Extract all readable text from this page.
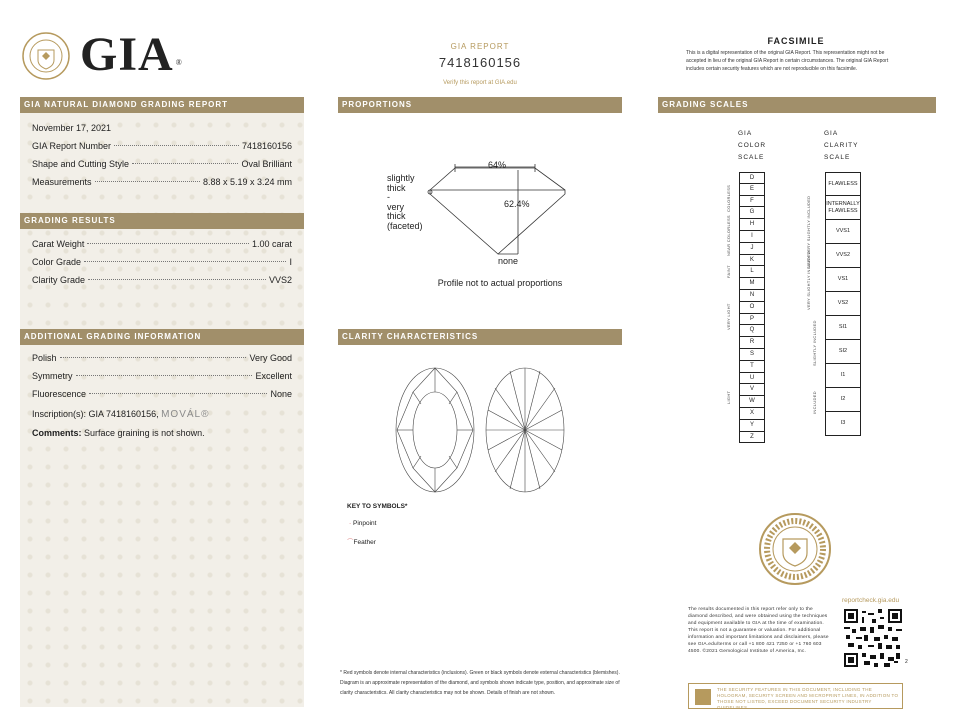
GIA ®
GIA REPORT
7418160156
Verify this report at GIA.edu
FACSIMILE
This is a digital representation of the original GIA Report. This representation might not be accepted in lieu of the original GIA Report in certain circumstances. The original GIA Report includes certain security features which are not reproducible on this facsimile.
GIA NATURAL DIAMOND GRADING REPORT
November 17, 2021
GIA Report Number	7418160156
Shape and Cutting Style	Oval Brilliant
Measurements	8.88 x 5.19 x 3.24 mm
GRADING RESULTS
Carat Weight	1.00 carat
Color Grade	I
Clarity Grade	VVS2
ADDITIONAL GRADING INFORMATION
Polish	Very Good
Symmetry	Excellent
Fluorescence	None
Inscription(s): GIA 7418160156, MOVÁL®
Comments: Surface graining is not shown.
PROPORTIONS
64%
62.4%
none
slightly
thick
-
very
thick
(faceted)
Profile not to actual proportions
CLARITY CHARACTERISTICS
KEY TO SYMBOLS*
· Pinpoint
⌒Feather
* Red symbols denote internal characteristics (inclusions). Green or black symbols denote external characteristics (blemishes). Diagram is an approximate representation of the diamond, and symbols shown indicate type, position, and approximate size of clarity characteristics. All clarity characteristics may not be shown. Details of finish are not shown.
GRADING SCALES
GIA
COLOR
SCALE
GIA
CLARITY
SCALE
D
E
F
G
H
I
J
K
L
M
N
O
P
Q
R
S
T
U
V
W
X
Y
Z
COLORLESS
NEAR COLORLESS
FAINT
VERY LIGHT
LIGHT
FLAWLESS
INTERNALLY FLAWLESS
VVS1
VVS2
VS1
VS2
SI1
SI2
I1
I2
I3
VERY VERY SLIGHTLY INCLUDED
VERY SLIGHTLY INCLUDED
SLIGHTLY INCLUDED
INCLUDED
reportcheck.gia.edu
2
The results documented in this report refer only to the diamond described, and were obtained using the techniques and equipment available to GIA at the time of examination. This report is not a guarantee or valuation. For additional information and important limitations and disclaimers, please see GIA.edu/terms or call +1 800 421 7250 or +1 760 603 4500. ©2021 Gemological Institute of America, Inc.
THE SECURITY FEATURES IN THIS DOCUMENT, INCLUDING THE HOLOGRAM, SECURITY SCREEN AND MICROPRINT LINES, IN ADDITION TO THOSE NOT LISTED, EXCEED DOCUMENT SECURITY INDUSTRY GUIDELINES.
